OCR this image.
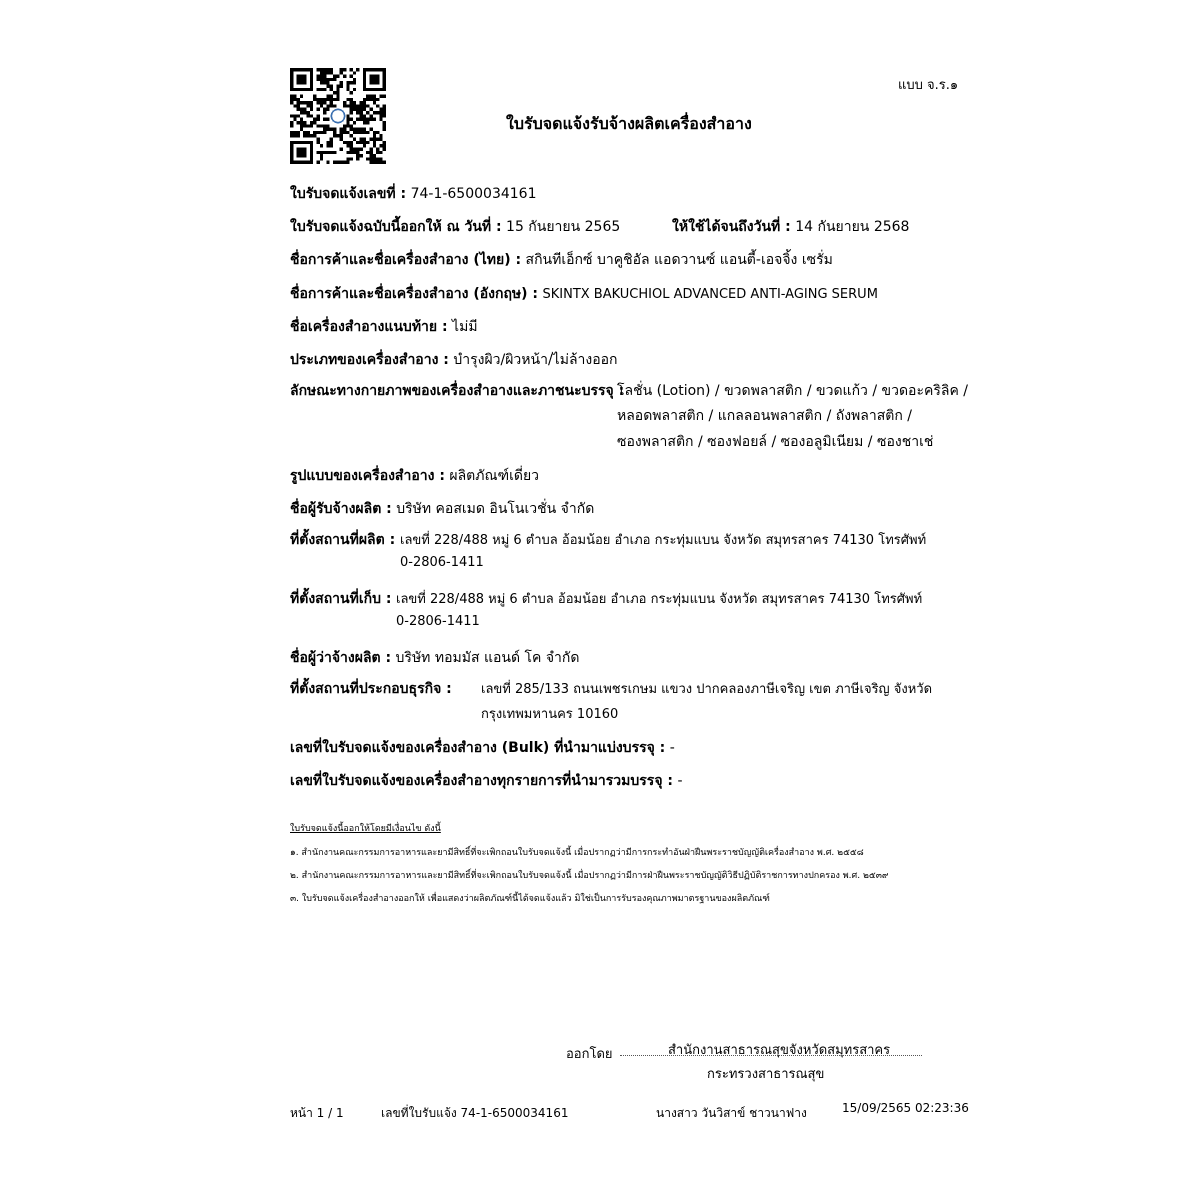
แบบ จ.ร.๑
ใบรับจดแจ้งรับจ้างผลิตเครื่องสำอาง
ใบรับจดแจ้งเลขที่ : 74-1-6500034161
ใบรับจดแจ้งฉบับนี้ออกให้ ณ วันที่ : 15 กันยายน 2565	ให้ใช้ได้จนถึงวันที่ : 14 กันยายน 2568
ชื่อการค้าและชื่อเครื่องสำอาง (ไทย) : สกินทีเอ็กซ์ บาคูชิอัล แอดวานซ์ แอนตี้-เอจจิ้ง เซรั่ม
ชื่อการค้าและชื่อเครื่องสำอาง (อังกฤษ) : SKINTX BAKUCHIOL ADVANCED ANTI-AGING SERUM
ชื่อเครื่องสำอางแนบท้าย : ไม่มี
ประเภทของเครื่องสำอาง : บำรุงผิว/ผิวหน้า/ไม่ล้างออก
ลักษณะทางกายภาพของเครื่องสำอางและภาชนะบรรจุ :
โลชั่น (Lotion) / ขวดพลาสติก / ขวดแก้ว / ขวดอะคริลิค /
หลอดพลาสติก / แกลลอนพลาสติก / ถังพลาสติก /
ซองพลาสติก / ซองฟอยล์ / ซองอลูมิเนียม / ซองชาเช่
รูปแบบของเครื่องสำอาง : ผลิตภัณฑ์เดี่ยว
ชื่อผู้รับจ้างผลิต : บริษัท คอสเมด อินโนเวชั่น จำกัด
ที่ตั้งสถานที่ผลิต : เลขที่ 228/488 หมู่ 6 ตำบล อ้อมน้อย อำเภอ กระทุ่มแบน จังหวัด สมุทรสาคร 74130 โทรศัพท์
0-2806-1411
ที่ตั้งสถานที่เก็บ : เลขที่ 228/488 หมู่ 6 ตำบล อ้อมน้อย อำเภอ กระทุ่มแบน จังหวัด สมุทรสาคร 74130 โทรศัพท์
0-2806-1411
ชื่อผู้ว่าจ้างผลิต : บริษัท ทอมมัส แอนด์ โค จำกัด
ที่ตั้งสถานที่ประกอบธุรกิจ : เลขที่ 285/133 ถนนเพชรเกษม แขวง ปากคลองภาษีเจริญ เขต ภาษีเจริญ จังหวัด
กรุงเทพมหานคร 10160
เลขที่ใบรับจดแจ้งของเครื่องสำอาง (Bulk) ที่นำมาแบ่งบรรจุ : -
เลขที่ใบรับจดแจ้งของเครื่องสำอางทุกรายการที่นำมารวมบรรจุ : -
ใบรับจดแจ้งนี้ออกให้โดยมีเงื่อนไข ดังนี้
๑. สำนักงานคณะกรรมการอาหารและยามีสิทธิ์ที่จะเพิกถอนใบรับจดแจ้งนี้ เมื่อปรากฏว่ามีการกระทำอันฝ่าฝืนพระราชบัญญัติเครื่องสำอาง พ.ศ. ๒๕๕๘
๒. สำนักงานคณะกรรมการอาหารและยามีสิทธิ์ที่จะเพิกถอนใบรับจดแจ้งนี้ เมื่อปรากฏว่ามีการฝ่าฝืนพระราชบัญญัติวิธีปฏิบัติราชการทางปกครอง พ.ศ. ๒๕๓๙
๓. ใบรับจดแจ้งเครื่องสำอางออกให้ เพื่อแสดงว่าผลิตภัณฑ์นี้ได้จดแจ้งแล้ว มิใช่เป็นการรับรองคุณภาพมาตรฐานของผลิตภัณฑ์
ออกโดย	สำนักงานสาธารณสุขจังหวัดสมุทรสาคร
กระทรวงสาธารณสุข
หน้า 1 / 1	เลขที่ใบรับแจ้ง 74-1-6500034161	นางสาว วันวิสาข์ ชาวนาฟาง	15/09/2565 02:23:36
